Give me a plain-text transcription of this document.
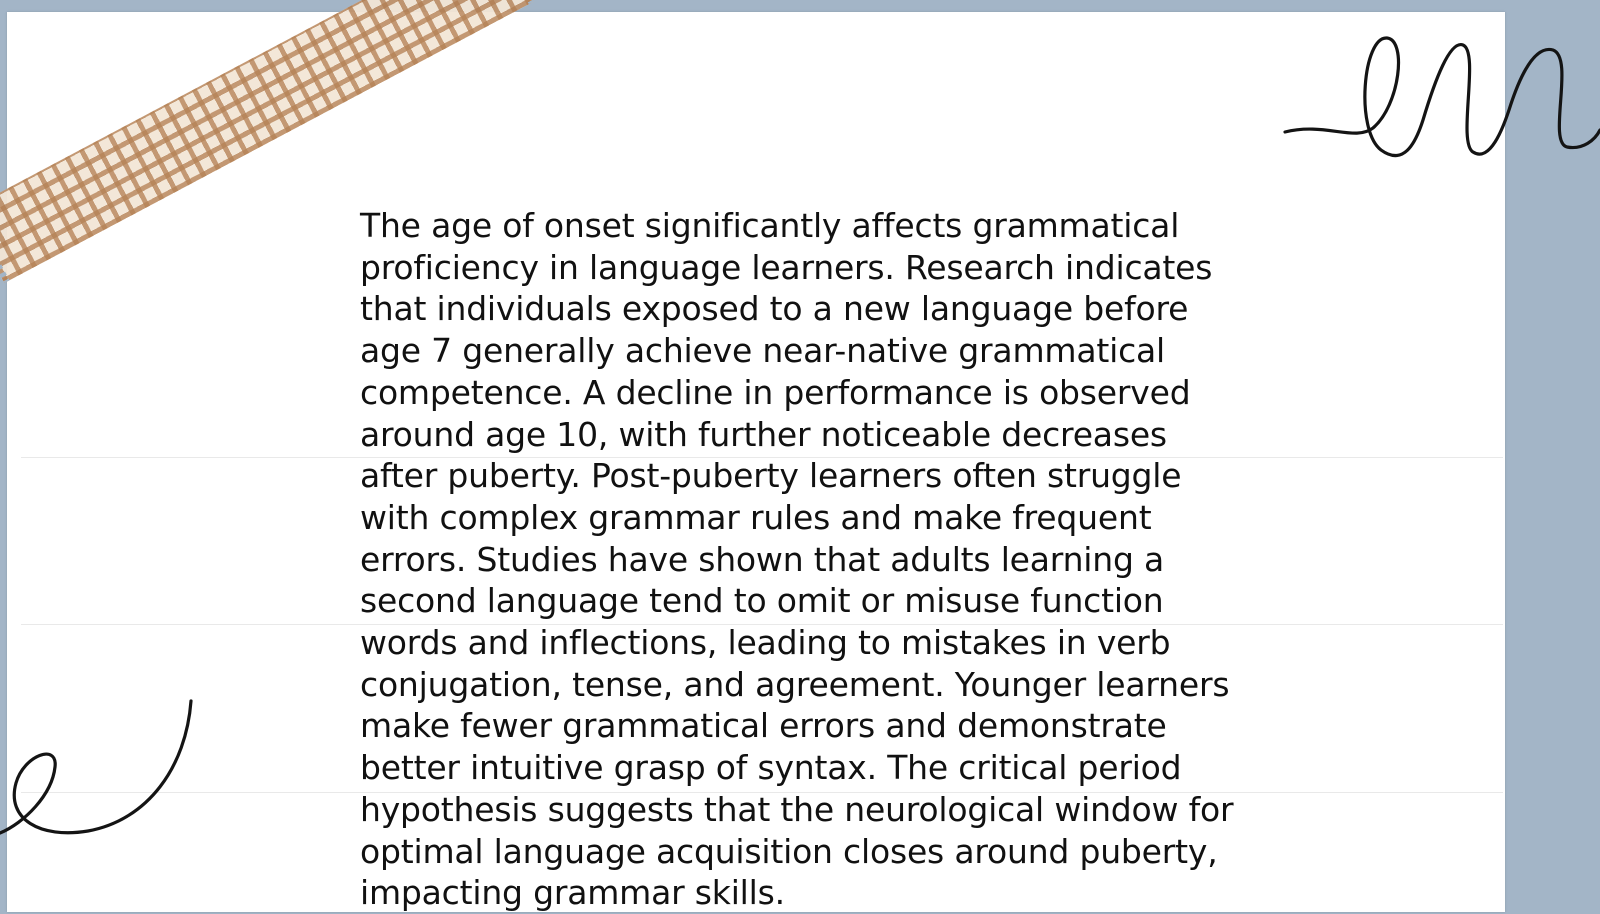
The age of onset significantly affects grammatical proficiency in language learners. Research indicates that individuals exposed to a new language before age 7 generally achieve near-native grammatical competence. A decline in performance is observed around age 10, with further noticeable decreases after puberty. Post-puberty learners often struggle with complex grammar rules and make frequent errors. Studies have shown that adults learning a second language tend to omit or misuse function words and inflections, leading to mistakes in verb conjugation, tense, and agreement. Younger learners make fewer grammatical errors and demonstrate better intuitive grasp of syntax. The critical period hypothesis suggests that the neurological window for optimal language acquisition closes around puberty, impacting grammar skills.
